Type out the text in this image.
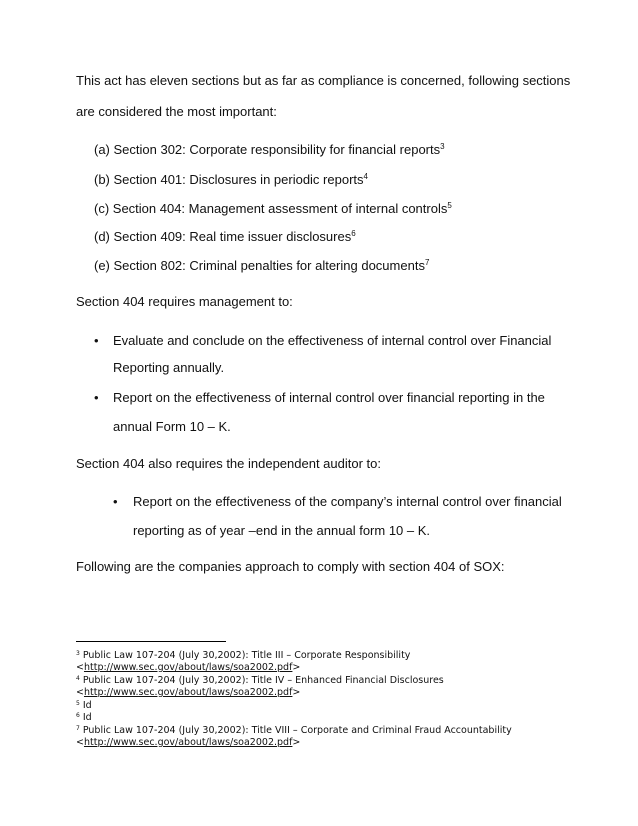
This act has eleven sections but as far as compliance is concerned, following sections
are considered the most important:
(a) Section 302: Corporate responsibility for financial reports$^3$
(b) Section 401: Disclosures in periodic reports$^4$
(c) Section 404: Management assessment of internal controls$^5$
(d) Section 409: Real time issuer disclosures$^6$
(e) Section 802: Criminal penalties for altering documents$^7$
Section 404 requires management to:
• Evaluate and conclude on the effectiveness of internal control over Financial
Reporting annually.
• Report on the effectiveness of internal control over financial reporting in the
annual Form 10 – K.
Section 404 also requires the independent auditor to:
• Report on the effectiveness of the company’s internal control over financial
reporting as of year –end in the annual form 10 – K.
Following are the companies approach to comply with section 404 of SOX:
$^3$ Public Law 107-204 (July 30,2002): Title III – Corporate Responsibility
<http://www.sec.gov/about/laws/soa2002.pdf>
$^4$ Public Law 107-204 (July 30,2002): Title IV – Enhanced Financial Disclosures
<http://www.sec.gov/about/laws/soa2002.pdf>
$^5$ Id
$^6$ Id
$^7$ Public Law 107-204 (July 30,2002): Title VIII – Corporate and Criminal Fraud Accountability
<http://www.sec.gov/about/laws/soa2002.pdf>
